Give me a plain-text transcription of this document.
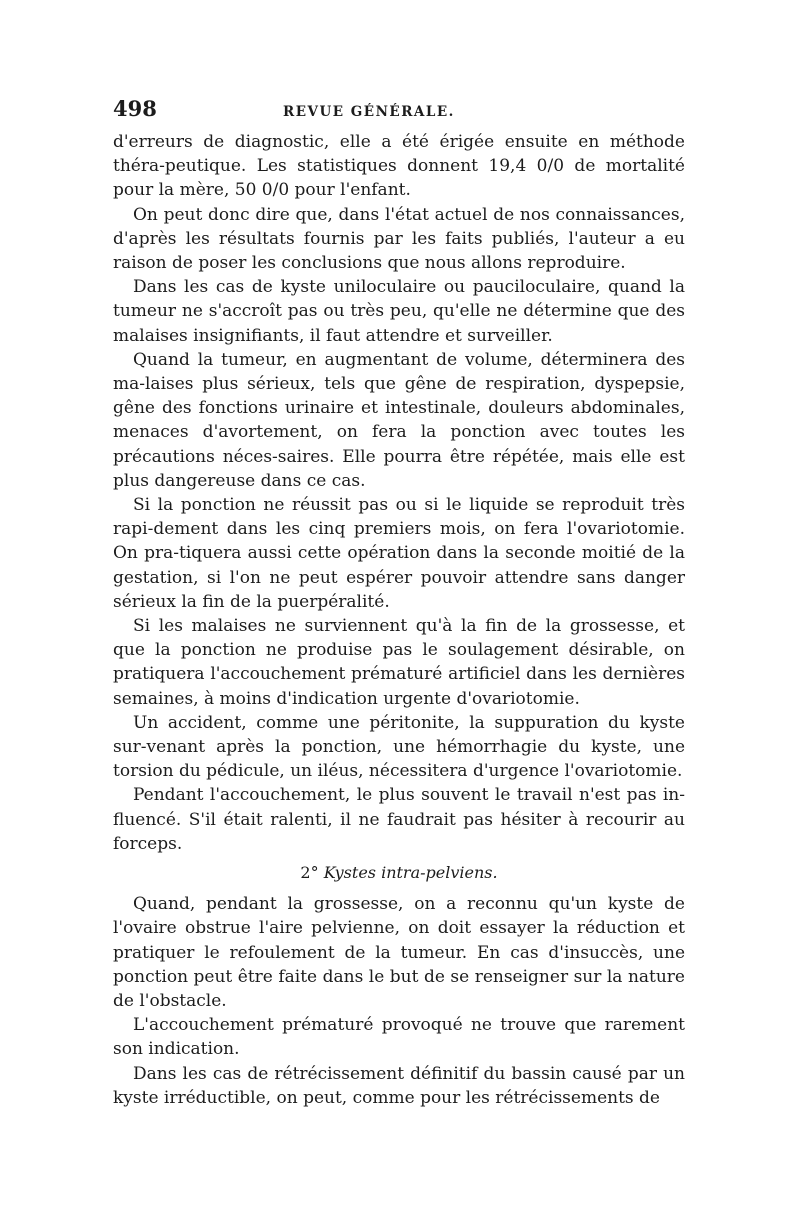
498	REVUE GÉNÉRALE.

d'erreurs de diagnostic, elle a été érigée ensuite en méthode théra-peutique. Les statistiques donnent 19,4 0/0 de mortalité pour la mère, 50 0/0 pour l'enfant.

On peut donc dire que, dans l'état actuel de nos connaissances, d'après les résultats fournis par les faits publiés, l'auteur a eu raison de poser les conclusions que nous allons reproduire.

Dans les cas de kyste uniloculaire ou pauciloculaire, quand la tumeur ne s'accroît pas ou très peu, qu'elle ne détermine que des malaises insignifiants, il faut attendre et surveiller.

Quand la tumeur, en augmentant de volume, déterminera des ma-laises plus sérieux, tels que gêne de respiration, dyspepsie, gêne des fonctions urinaire et intestinale, douleurs abdominales, menaces d'avortement, on fera la ponction avec toutes les précautions néces-saires. Elle pourra être répétée, mais elle est plus dangereuse dans ce cas.

Si la ponction ne réussit pas ou si le liquide se reproduit très rapi-dement dans les cinq premiers mois, on fera l'ovariotomie. On pra-tiquera aussi cette opération dans la seconde moitié de la gestation, si l'on ne peut espérer pouvoir attendre sans danger sérieux la fin de la puerpéralité.

Si les malaises ne surviennent qu'à la fin de la grossesse, et que la ponction ne produise pas le soulagement désirable, on pratiquera l'accouchement prématuré artificiel dans les dernières semaines, à moins d'indication urgente d'ovariotomie.

Un accident, comme une péritonite, la suppuration du kyste sur-venant après la ponction, une hémorrhagie du kyste, une torsion du pédicule, un iléus, nécessitera d'urgence l'ovariotomie.

Pendant l'accouchement, le plus souvent le travail n'est pas in-fluencé. S'il était ralenti, il ne faudrait pas hésiter à recourir au forceps.

2° Kystes intra-pelviens.

Quand, pendant la grossesse, on a reconnu qu'un kyste de l'ovaire obstrue l'aire pelvienne, on doit essayer la réduction et pratiquer le refoulement de la tumeur. En cas d'insuccès, une ponction peut être faite dans le but de se renseigner sur la nature de l'obstacle.

L'accouchement prématuré provoqué ne trouve que rarement son indication.

Dans les cas de rétrécissement définitif du bassin causé par un kyste irréductible, on peut, comme pour les rétrécissements de
